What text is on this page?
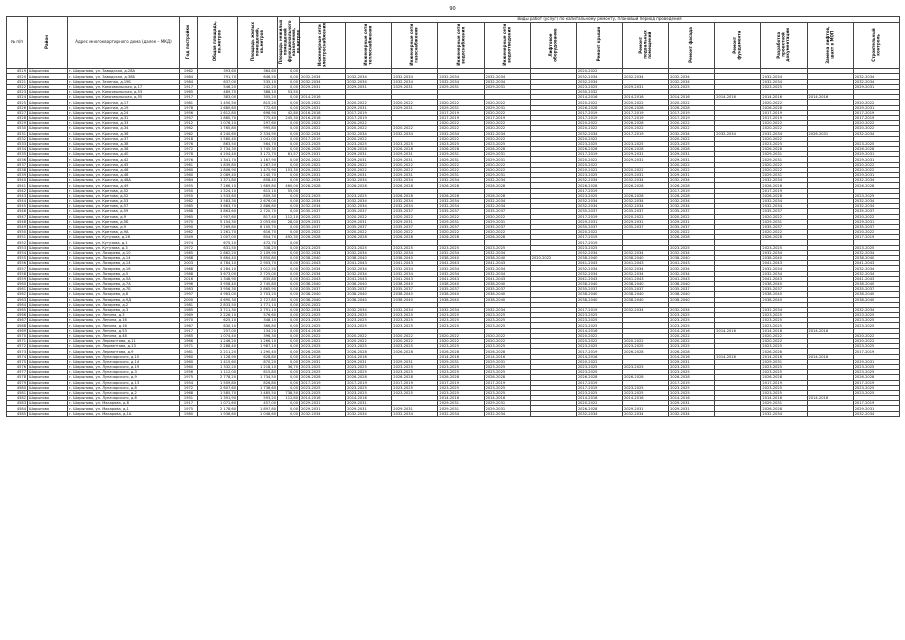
90
№ п/п	Район	Адрес многоквартирного дома (далее – МКД)	Год постройки	Общая площадь, кв.метров	Площадь жилых помещений, кв.метров	Площадь нежилых помещений функционального назначения, кв.метров	Виды работ (услуг) по капитальному ремонту, плановый период проведения												
							Инженерные сети электроснабжения	Инженерные сети теплоснабжения	Инженерные сети газоснабжения	Инженерные сети водоснабжения	Инженерные сети водоотведения	Лифтовое оборудование	Ремонт крыши	Ремонт подвальных помещений	Ремонт фасада	Ремонт фундамента	Разработка проектной документации	Замена лифтов, шахт в МОП	Строительный контроль
4519	Шарыпово	г. Шарыпово, ул. Заводская, д.28А	1962	393,60	364,60	0,00							2020-2022						
4520	Шарыпово	г. Шарыпово, ул. Заводская, д.38Б	1984	791,70	646,50	0,00	2032-2034	2032-2034	2032-2034	2032-2034	2032-2034		2032-2034	2032-2034	2032-2034		2032-2034		2032-2034
4521	Шарыпово	г. Шарыпово, ул. Зеленая, д.19Б	1984	637,00	535,10	0,00	2032-2034	2032-2034	2032-2034	2032-2034	2032-2034		2032-2034		2032-2034		2032-2034		2032-2034
4522	Шарыпово	г. Шарыпово, ул. Комсомольская, д.17	1917	546,20	242,20	0,00	2029-2031	2029-2031	2029-2031	2029-2031	2029-2031		2023-2025	2029-2031	2023-2025		2023-2025		2029-2031
4523	Шарыпово	г. Шарыпово, ул. Комсомольская, д.53	1965	489,70	388,10	53,50							2030-2032						
4524	Шарыпово	г. Шарыпово, ул. Комсомольская, д.55	1917	383,00	305,20	0,00	2014-2016						2014-2016	2014-2016	2014-2016	2014-2016	2014-2016	2014-2016	
4525	Шарыпово	г. Шарыпово, ул. Красная, д.17	1981	1 450,50	815,20	0,00	2020-2022	2020-2022	2020-2022	2020-2022	2020-2022		2020-2022	2020-2022	2020-2022		2020-2022		2020-2022
4526	Шарыпово	г. Шарыпово, ул. Красная, д.19	1978	1 680,60	772,60	0,00	2029-2031	2029-2031	2029-2031	2029-2031	2029-2031		2026-2028	2026-2028	2026-2028		2026-2028		2029-2031
4527	Шарыпово	г. Шарыпово, ул. Красная, д.24	1956	1 612,80	698,90	42,80	2016-2018	2017-2019		2017-2019	2020-2022		2017-2019	2017-2019	2017-2019		2017-2019		2017-2019
4528	Шарыпово	г. Шарыпово, ул. Красная, д.31	1957	1 860,70	775,40	245,30	2016-2018	2017-2019		2017-2019	2017-2019		2017-2019	2017-2019	2017-2019		2017-2019		2017-2019
4529	Шарыпово	г. Шарыпово, ул. Красная, д.33	1912	1 076,10	297,60	0,00	2020-2022	2020-2022		2020-2022	2020-2022		2020-2022	2026-2028	2020-2022		2020-2022		2020-2022
4530	Шарыпово	г. Шарыпово, ул. Красная, д.34	1962	1 765,80	995,80	0,00	2020-2022	2020-2022	2020-2022	2020-2022	2020-2022		2020-2022	2020-2022	2020-2022		2020-2022		2020-2022
4531	Шарыпово	г. Шарыпово, ул. Красная, д.36	1962	4 240,60	2 334,90	0,00	2032-2034	2032-2034	2032-2034	2032-2034	2032-2034		2032-2034	2017-2019	2032-2034	2032-2034	2032-2034	2026-2031	2032-2034
4532	Шарыпово	г. Шарыпово, ул. Красная, д.37	1918	1 580,40	1 041,00	0,00	2017-2019	2020-2022		2020-2022	2020-2022		2020-2022		2020-2022		2020-2022		
4533	Шарыпово	г. Шарыпово, ул. Красная, д.38	1976	863,50	564,70	0,00	2023-2025	2023-2025	2023-2025	2023-2025	2023-2025		2023-2025	2023-2025	2023-2025		2023-2025		2023-2025
4534	Шарыпово	г. Шарыпово, ул. Красная, д.38	1972	2 734,30	1 745,30	0,00	2026-2028	2026-2028	2026-2028	2026-2028	2026-2028		2026-2028	2026-2028	2026-2028		2026-2028		2026-2028
4535	Шарыпово	г. Шарыпово, ул. Красная, д.40	1978	4 204,40	3 172,70	61,57	2029-2031	2029-2031	2029-2031	2029-2031	2029-2031		2017-2019	2029-2031	2029-2031		2029-2031		2029-2031
4536	Шарыпово	г. Шарыпово, ул. Красная, д.42	1976	1 341,70	1 167,90	0,00	2020-2022	2029-2031	2029-2031	2029-2031	2029-2031		2020-2022	2029-2031	2029-2031		2029-2031		2029-2031
4537	Шарыпово	г. Шарыпово, ул. Красная, д.45	1961	1 839,80	1 267,50	0,00	2020-2022	2020-2022	2020-2022	2020-2022	2020-2022		2020-2022		2020-2022		2020-2022		2020-2022
4538	Шарыпово	г. Шарыпово, ул. Красная, д.46	1960	1 806,90	1 475,90	153,30	2020-2022	2020-2022	2020-2022	2020-2022	2020-2022		2020-2022	2020-2022	2020-2022		2020-2022		2020-2022
4539	Шарыпово	г. Шарыпово, ул. Красная, д.48	1960	2 089,40	1 240,70	0,00	2029-2031	2029-2031	2029-2031	2029-2031	2029-2031		2023-2025	2029-2031	2029-2031		2029-2031		2029-2031
4540	Шарыпово	г. Шарыпово, ул. Красная, д.48А	1984	1 371,80	858,40	0,00	2032-2034	2032-2034	2032-2034	2032-2034	2032-2034		2032-2034	2032-2034	2032-2034		2032-2034		2032-2034
4541	Шарыпово	г. Шарыпово, ул. Красная, д.49	1955	7 286,10	1 689,80	460,00	2026-2028	2026-2028	2026-2028	2026-2028	2026-2028		2026-2028	2026-2028	2026-2028		2026-2028		2026-2028
4542	Шарыпово	г. Шарыпово, ул. Кретова, д.52	1950	1 524,10	615,10	55,00							2017-2019		2017-2019		2017-2019		
4543	Шарыпово	г. Шарыпово, ул. Кретова, д.52	1955	1 533,60	809,30	0,00	2023-2025	2023-2025	2026-2028	2026-2028	2026-2028		2023-2025	2026-2028	2026-2028		2026-2028		2023-2025
4544	Шарыпово	г. Шарыпово, ул. Кретова, д.53	1982	3 583,30	2 676,00	0,00	2032-2034	2032-2034	2032-2034	2032-2034	2032-2034		2032-2034	2032-2034	2032-2034		2032-2034		2032-2034
4545	Шарыпово	г. Шарыпово, ул. Кретова, д.57	1985	3 663,70	2 886,80	0,00	2032-2034	2032-2034	2032-2034	2032-2034	2032-2034		2032-2034	2032-2034	2032-2034		2032-2034		2032-2034
4546	Шарыпово	г. Шарыпово, ул. Кретова, д.59	1988	3 863,60	2 720,70	0,00	2035-2037	2035-2037	2035-2037	2035-2037	2035-2037		2035-2037	2035-2037	2035-2037		2035-2037		2035-2037
4547	Шарыпово	г. Шарыпово, ул. Кретова, д.9	1965	1 907,60	817,40	112,10	2020-2022	2020-2022	2020-2022	2020-2022	2020-2022		2017-2019	2020-2022	2020-2022		2020-2022		2020-2022
4548	Шарыпово	г. Шарыпово, ул. Кретова, д.5Б	1970	5 154,30	2 053,60	28,00	2029-2031	2029-2031	2029-2031	2029-2031	2029-2031		2029-2031	2029-2031	2029-2031		2029-2031		2029-2031
4549	Шарыпово	г. Шарыпово, ул. Кретова, д.9	1990	7 269,80	6 105,70	0,00	2035-2037	2035-2037	2035-2037	2035-2037	2035-2037		2035-2037	2035-2037	2035-2037		2035-2037		2035-2037
4550	Шарыпово	г. Шарыпово, ул. Кретова, д.9А	1962	1 261,70	616,70	0,00	2020-2022	2020-2022	2020-2022	2020-2022	2020-2022		2020-2022		2020-2022		2020-2022		2020-2022
4551	Шарыпово	г. Шарыпово, ул. Кутузова, д.26	1949	1 007,00	654,70	492,30	2026-2028	2026-2028	2026-2028	2026-2028	2026-2028		2017-2019		2026-2028		2026-2028		2017-2019
4552	Шарыпово	г. Шарыпово, ул. Кутузова, д.1	1974	675,10	472,70	0,00							2017-2019						
4553	Шарыпово	г. Шарыпово, ул. Кутузова, д.3	1972	631,50	338,20	0,00	2023-2025	2023-2025	2023-2025	2023-2025	2023-2025		2023-2025		2023-2025		2023-2025		2023-2025
4554	Шарыпово	г. Шарыпово, ул. Лазарева, д.10	1985	2 862,20	2 109,90	0,00	2032-2034	2032-2034	2032-2034	2032-2034	2032-2034		2032-2034	2032-2034	2032-2034		2032-2034		2032-2034
4555	Шарыпово	г. Шарыпово, ул. Лазарева, д.14	1988	5 664,40	3 850,80	0,00	2038-2040	2038-2040	2038-2040	2038-2040	2038-2040	2020-2022	2038-2040	2038-2040	2038-2040		2038-2040		2038-2040
4556	Шарыпово	г. Шарыпово, ул. Лазарева, д.14	2003	4 784,10	2 903,70	0,00	2041-2043	2041-2043	2041-2043	2041-2043	2041-2043		2041-2043	2041-2043	2041-2043		2041-2043		2041-2043
4557	Шарыпово	г. Шарыпово, ул. Лазарева, д.16	1988	4 284,10	3 012,50	0,00	2032-2034	2032-2034	2032-2034	2032-2034	2032-2034		2032-2034	2032-2034	2032-2034		2032-2034		2032-2034
4558	Шарыпово	г. Шарыпово, ул. Лазарева, д.5	1988	3 673,00	2 725,00	0,00	2032-2034	2032-2034	2032-2034	2032-2034	2032-2034		2032-2034	2032-2034	2032-2034		2032-2034		2032-2034
4559	Шарыпово	г. Шарыпово, ул. Лазарева, д.5А	2016	1 348,90	835,80	0,00	2041-2043	2041-2043	2041-2043	2041-2043	2041-2043		2041-2043	2041-2043	2041-2043		2041-2043		2041-2043
4560	Шарыпово	г. Шарыпово, ул. Лазарева, д.7А	1996	3 958,40	2 745,80	0,00	2038-2040	2038-2040	2038-2040	2038-2040	2038-2040		2038-2040	2038-2040	2038-2040		2038-2040		2038-2040
4561	Шарыпово	г. Шарыпово, ул. Лазарева, д.7Б	1983	3 956,30	2 865,90	0,00	2035-2037	2035-2037	2035-2037	2035-2037	2035-2037		2035-2037	2035-2037	2035-2037		2035-2037		2035-2037
4562	Шарыпово	г. Шарыпово, ул. Лазарева, д.8	1997	4 983,00	2 703,20	0,00	2038-2040	2038-2040	2038-2040	2038-2040	2038-2040		2038-2040	2038-2040	2038-2040		2038-2040		2038-2040
4563	Шарыпово	г. Шарыпово, ул. Лазарева, д.9Д	2000	4 690,30	2 727,80	0,00	2038-2040	2038-2040	2038-2040	2038-2040	2038-2040		2038-2040	2038-2040	2038-2040		2038-2040		2038-2040
4564	Шарыпово	г. Шарыпово, ул. Лазарева, д.2	1981	2 833,50	1 771,10	0,00	2020-2022												
4565	Шарыпово	г. Шарыпово, ул. Лазарева, д.3	1985	3 711,30	2 791,10	0,00	2032-2034	2032-2034	2032-2034	2032-2034	2032-2034		2017-2019	2032-2034	2032-2034		2032-2034		2032-2034
4566	Шарыпово	г. Шарыпово, ул. Ленина, д.3	1969	2 226,10	576,60	0,00	2023-2025	2023-2025	2023-2025	2023-2025	2023-2025		2023-2025		2023-2025		2023-2025		2023-2025
4567	Шарыпово	г. Шарыпово, ул. Ленина, д.16	1970	625,10	348,10	0,00	2023-2025	2023-2025	2023-2025	2023-2025	2023-2025		2023-2025		2023-2025		2023-2025		2023-2025
4568	Шарыпово	г. Шарыпово, ул. Ленина, д.16	1967	630,10	366,80	0,00	2023-2025	2023-2025	2023-2025	2023-2025	2023-2025		2023-2025		2023-2025		2023-2025		2023-2025
4569	Шарыпово	г. Шарыпово, ул. Ленина, д.53	1917	257,00	134,20	0,00	2014-2016						2014-2016		2014-2016	2014-2016	2014-2016	2014-2016	
4570	Шарыпово	г. Шарыпово, ул. Ленина, д.48	1985	1 074,40	396,30	0,00	2020-2022	2020-2022	2020-2022	2020-2022	2020-2022		2020-2022		2020-2022		2020-2022		2020-2022
4571	Шарыпово	г. Шарыпово, ул. Лермонтова, д.11	1966	1 246,20	1 266,10	0,00	2020-2022	2020-2022	2020-2022	2020-2022	2020-2022		2020-2022	2020-2022	2020-2022		2020-2022		2020-2022
4572	Шарыпово	г. Шарыпово, ул. Лермонтова, д.13	1971	2 288,40	1 987,10	0,00	2023-2025	2023-2025	2023-2025	2023-2025	2023-2025		2023-2025	2023-2025	2023-2025		2023-2025		2023-2025
4573	Шарыпово	г. Шарыпово, ул. Лермонтова, д.9	1981	2 211,20	1 290,40	0,00	2026-2028	2026-2028	2026-2028	2026-2028	2026-2028		2017-2019	2026-2028	2026-2028		2026-2028		2017-2019
4574	Шарыпово	г. Шарыпово, ул. Луначарского, д.10	1960	1 128,90	628,80	0,00	2014-2016	2014-2016		2014-2016	2014-2016		2014-2016		2014-2016	2014-2016	2014-2016	2014-2016	
4575	Шарыпово	г. Шарыпово, ул. Луначарского, д.14	1960	1 415,60	870,20	0,00	2029-2031	2029-2031	2029-2031	2029-2031	2029-2031		2020-2022		2029-2031		2029-2031		2029-2031
4576	Шарыпово	г. Шарыпово, ул. Луначарского, д.19	1960	1 332,20	1 218,10	36,70	2023-2025	2023-2025	2023-2025	2023-2025	2023-2025		2023-2025	2023-2025	2023-2025		2023-2025		2023-2025
4577	Шарыпово	г. Шарыпово, ул. Луначарского, д.3	1956	1 112,00	615,80	0,00	2023-2025	2023-2025	2023-2025	2023-2025	2023-2025		2023-2025		2023-2025		2023-2025		2023-2025
4578	Шарыпово	г. Шарыпово, ул. Луначарского, д.9	1975	2 778,20	1 734,50	0,00	2026-2028	2026-2028	2026-2028	2026-2028	2026-2028		2026-2028	2026-2028	2026-2028		2026-2028		2026-2028
4579	Шарыпово	г. Шарыпово, ул. Луначарского, д.13	1954	1 509,80	826,80	0,00	2017-2019	2017-2019	2017-2019	2017-2019	2017-2019		2017-2019		2017-2019		2017-2019		2017-2019
4580	Шарыпово	г. Шарыпово, ул. Луначарского, д.8	1972	2 607,60	1 738,60	0,00	2023-2025	2023-2025	2023-2025	2023-2025	2023-2025		2017-2019	2023-2025	2023-2025		2023-2025		2023-2025
4581	Шарыпово	г. Шарыпово, ул. Луначарского, д.2	1968	1 585,70	1 485,50	738,50	2023-2025	2023-2025	2023-2025	2023-2025	2023-2025		2023-2025	2023-2025	2023-2025		2023-2025		2023-2025
4582	Шарыпово	г. Шарыпово, ул. Луначарского, д.6	1951	1 391,90	593,20	112,80	2014-2016	2014-2016		2014-2016	2014-2016		2014-2016	2014-2016	2014-2016		2014-2016	2014-2016	
4583	Шарыпово	г. Шарыпово, ул. Макарова, д.8	1917	1 071,60	457,00	0,00	2029-2031	2029-2031		2029-2031	2029-2031		2020-2022		2029-2031		2029-2031		2017-2019
4584	Шарыпово	г. Шарыпово, ул. Макарова, д.1	1975	2 178,60	1 897,80	0,00	2029-2031	2029-2031	2029-2031	2029-2031	2029-2031		2026-2028	2029-2031	2029-2031		2026-2028		2029-2031
4585	Шарыпово	г. Шарыпово, ул. Макарова, д.1А	1980	1 936,60	1 046,60	0,00	2032-2034	2032-2034	2032-2034	2032-2034	2032-2034		2032-2034	2032-2034	2032-2034		2032-2034		2032-2034
